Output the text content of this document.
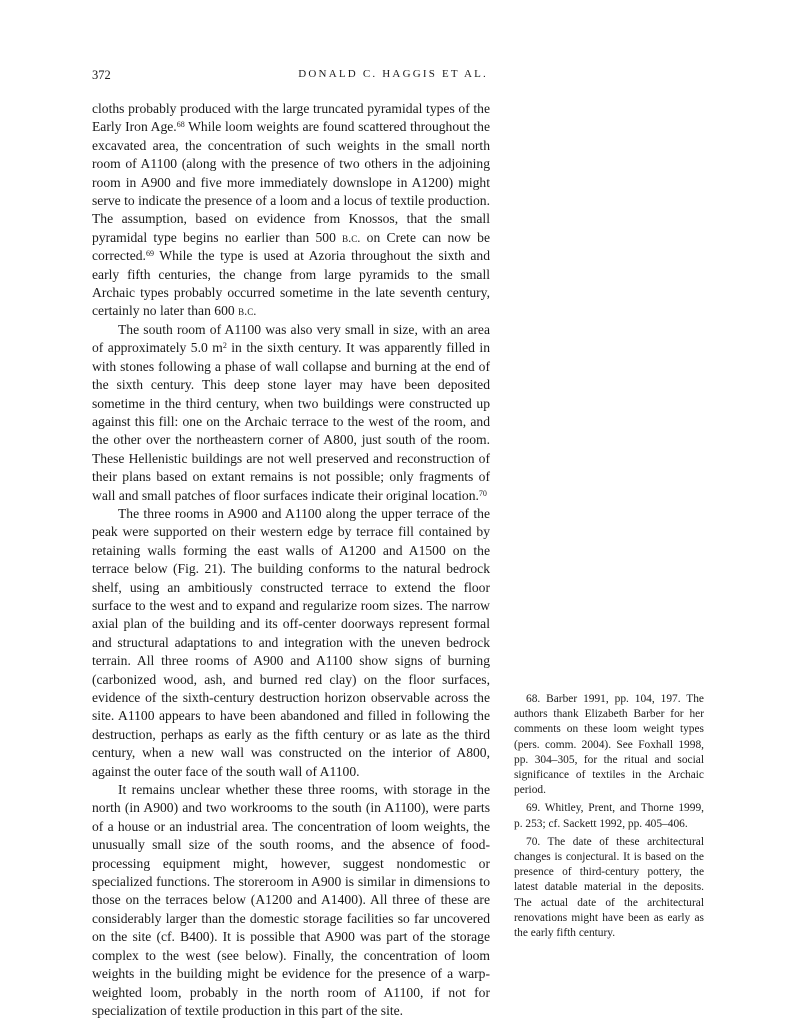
372	DONALD C. HAGGIS ET AL.

cloths probably produced with the large truncated pyramidal types of the Early Iron Age.$^{68}$ While loom weights are found scattered throughout the excavated area, the concentration of such weights in the small north room of A1100 (along with the presence of two others in the adjoining room in A900 and five more immediately downslope in A1200) might serve to indicate the presence of a loom and a locus of textile production. The assumption, based on evidence from Knossos, that the small pyramidal type begins no earlier than 500 b.c. on Crete can now be corrected.$^{69}$ While the type is used at Azoria throughout the sixth and early fifth centuries, the change from large pyramids to the small Archaic types probably occurred sometime in the late seventh century, certainly no later than 600 b.c.

The south room of A1100 was also very small in size, with an area of approximately 5.0 $m^2$ in the sixth century. It was apparently filled in with stones following a phase of wall collapse and burning at the end of the sixth century. This deep stone layer may have been deposited sometime in the third century, when two buildings were constructed up against this fill: one on the Archaic terrace to the west of the room, and the other over the northeastern corner of A800, just south of the room. These Hellenistic buildings are not well preserved and reconstruction of their plans based on extant remains is not possible; only fragments of wall and small patches of floor surfaces indicate their original location.$^{70}$

The three rooms in A900 and A1100 along the upper terrace of the peak were supported on their western edge by terrace fill contained by retaining walls forming the east walls of A1200 and A1500 on the terrace below (Fig. 21). The building conforms to the natural bedrock shelf, using an ambitiously constructed terrace to extend the floor surface to the west and to expand and regularize room sizes. The narrow axial plan of the building and its off-center doorways represent formal and structural adaptations to and integration with the uneven bedrock terrain. All three rooms of A900 and A1100 show signs of burning (carbonized wood, ash, and burned red clay) on the floor surfaces, evidence of the sixth-century destruction horizon observable across the site. A1100 appears to have been abandoned and filled in following the destruction, perhaps as early as the fifth century or as late as the third century, when a new wall was constructed on the interior of A800, against the outer face of the south wall of A1100.

It remains unclear whether these three rooms, with storage in the north (in A900) and two workrooms to the south (in A1100), were parts of a house or an industrial area. The concentration of loom weights, the unusually small size of the south rooms, and the absence of food-processing equipment might, however, suggest nondomestic or specialized functions. The storeroom in A900 is similar in dimensions to those on the terraces below (A1200 and A1400). All three of these are considerably larger than the domestic storage facilities so far uncovered on the site (cf. B400). It is possible that A900 was part of the storage complex to the west (see below). Finally, the concentration of loom weights in the building might be evidence for the presence of a warp-weighted loom, probably in the north room of A1100, if not for specialization of textile production in this part of the site.

68. Barber 1991, pp. 104, 197. The authors thank Elizabeth Barber for her comments on these loom weight types (pers. comm. 2004). See Foxhall 1998, pp. 304–305, for the ritual and social significance of textiles in the Archaic period.

69. Whitley, Prent, and Thorne 1999, p. 253; cf. Sackett 1992, pp. 405–406.

70. The date of these architectural changes is conjectural. It is based on the presence of third-century pottery, the latest datable material in the deposits. The actual date of the architectural renovations might have been as early as the early fifth century.
